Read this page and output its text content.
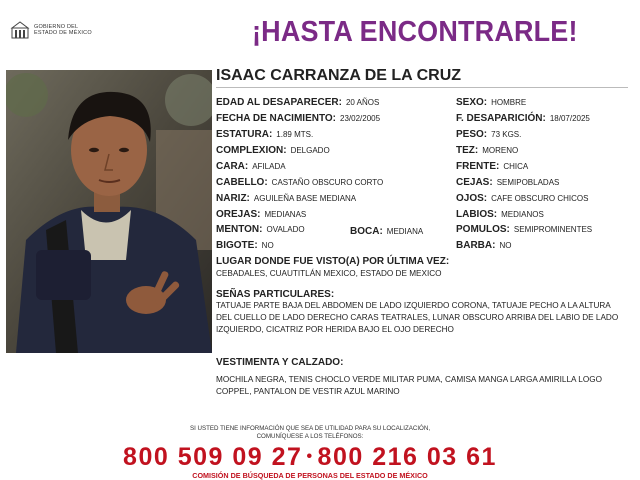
GOBIERNO DEL
ESTADO DE MÉXICO	¡HASTA ENCONTRARLE!
ISAAC CARRANZA DE LA CRUZ
EDAD AL DESAPARECER: 20 AÑOS
FECHA DE NACIMIENTO: 23/02/2005
ESTATURA: 1.89 MTS.
COMPLEXION: DELGADO
CARA: AFILADA
CABELLO: CASTAÑO OBSCURO CORTO
NARIZ: AGUILEÑA BASE MEDIANA
OREJAS: MEDIANAS
MENTON: OVALADO	BOCA: MEDIANA
BIGOTE: NO
SEXO: HOMBRE
F. DESAPARICIÓN: 18/07/2025
PESO: 73 KGS.
TEZ: MORENO
FRENTE: CHICA
CEJAS: SEMIPOBLADAS
OJOS: CAFE OBSCURO CHICOS
LABIOS: MEDIANOS
POMULOS: SEMIPROMINENTES
BARBA: NO
LUGAR DONDE FUE VISTO(A) POR ÚLTIMA VEZ:
CEBADALES, CUAUTITLÁN MEXICO, ESTADO DE MEXICO
SEÑAS PARTICULARES:
TATUAJE PARTE BAJA DEL ABDOMEN DE LADO IZQUIERDO CORONA, TATUAJE PECHO A LA ALTURA DEL CUELLO DE LADO DERECHO CARAS TEATRALES, LUNAR OBSCURO ARRIBA DEL LABIO DE LADO IZQUIERDO, CICATRIZ POR HERIDA BAJO EL OJO DERECHO
VESTIMENTA Y CALZADO:
MOCHILA NEGRA, TENIS CHOCLO VERDE MILITAR PUMA, CAMISA MANGA LARGA AMIRILLA LOGO COPPEL, PANTALON DE VESTIR AZUL MARINO
SI USTED TIENE INFORMACIÓN QUE SEA DE UTILIDAD PARA SU LOCALIZACIÓN,
COMUNÍQUESE A LOS TELÉFONOS:
800 509 09 27 • 800 216 03 61
COMISIÓN DE BÚSQUEDA DE PERSONAS DEL ESTADO DE MÉXICO
